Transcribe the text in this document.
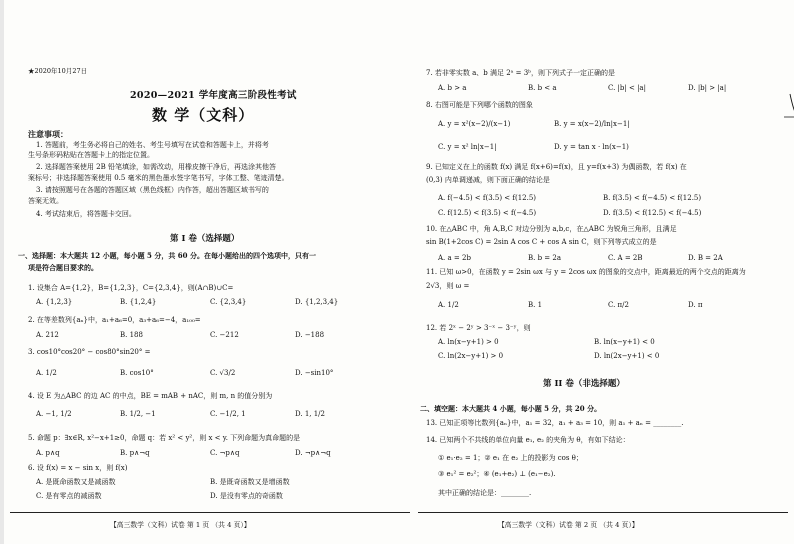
★2020年10月27日
2020—2021 学年度高三阶段性考试
数 学（文科）
注意事项：
1. 答题前，考生务必将自己的姓名、考生号填写在试卷和答题卡上，并将考
生号条形码粘贴在答题卡上的指定位置。
2. 选择题答案使用 2B 铅笔填涂，如需改动，用橡皮擦干净后，再选涂其他答
案标号；非选择题答案使用 0.5 毫米的黑色墨水签字笔书写，字体工整、笔迹清楚。
3. 请按照题号在各题的答题区域（黑色线框）内作答，超出答题区域书写的
答案无效。
4. 考试结束后，将答题卡交回。
第 I 卷（选择题）
一、选择题：本大题共 12 小题，每小题 5 分，共 60 分。在每小题给出的四个选项中，只有一
项是符合题目要求的。
1. 设集合 A={1,2}，B={1,2,3}，C={2,3,4}，则(A∩B)∪C=
A. {1,2,3}	B. {1,2,4}	C. {2,3,4}	D. {1,2,3,4}
2. 在等差数列{aₙ}中，a₁+a₆=0，a₃+a₆=−4，a₁₀₀=
A. 212	B. 188	C. −212	D. −188
3. cos10°cos20° − cos80°sin20° =
A. 1/2	B. cos10°	C. √3/2	D. −sin10°
4. 设 E 为△ABC 的边 AC 的中点，BE = mAB + nAC，则 m, n 的值分别为
A. −1, 1/2	B. 1/2, −1	C. −1/2, 1	D. 1, 1/2
5. 命题 p：∃x∈R, x²−x+1≥0，命题 q：若 x² < y²，则 x < y. 下列命题为真命题的是
A. p∧q	B. p∧¬q	C. ¬p∧q	D. ¬p∧¬q
6. 设 f(x) = x − sin x，则 f(x)
A. 是既命函数又是减函数	B. 是既奇函数又是增函数
C. 是有零点的减函数	D. 是没有零点的奇函数
【高三数学（文科）试卷 第 1 页 （共 4 页）】
7. 若非零实数 a、b 满足 2ᵃ = 3ᵇ，则下列式子一定正确的是
A. b > a	B. b < a	C. |b| < |a|	D. |b| > |a|
8. 右图可能是下列哪个函数的图象
A. y = x²(x−2)/(x−1)	B. y = x(x−2)/ln|x−1|
C. y = x² ln|x−1|	D. y = tan x · ln(x−1)
9. 已知定义在上的函数 f(x) 满足 f(x+6)=f(x)，且 y=f(x+3) 为偶函数，若 f(x) 在
(0,3) 内单调递减，则下面正确的结论是
A. f(−4.5) < f(3.5) < f(12.5)	B. f(3.5) < f(−4.5) < f(12.5)
C. f(12.5) < f(3.5) < f(−4.5)	D. f(3.5) < f(12.5) < f(−4.5)
10. 在△ABC 中，角 A,B,C 对边分别为 a,b,c，在△ABC 为锐角三角形，且满足
sin B(1+2cos C) = 2sin A cos C + cos A sin C，则下列等式成立的是
A. a = 2b	B. b = 2a	C. A = 2B	D. B = 2A
11. 已知 ω>0，在函数 y = 2sin ωx 与 y = 2cos ωx 的图象的交点中，距离最近的两个交点的距离为
2√3，则 ω =
A. 1/2	B. 1	C. π/2	D. π
12. 若 2ˣ − 2ʸ > 3⁻ˣ − 3⁻ʸ，则
A. ln(x−y+1) > 0	B. ln(x−y+1) < 0
C. ln(2x−y+1) > 0	D. ln(2x−y+1) < 0
第 II 卷（非选择题）
二、填空题：本大题共 4 小题，每小题 5 分，共 20 分。
13. 已知正项等比数列{aₙ}中，a₁ = 32，a₁ + a₃ = 10，则 a₁ + aₙ = ________.
14. 已知两个不共线的单位向量 e₁, e₂ 的夹角为 θ，有如下结论：
① e₁·e₂ = 1；② e₁ 在 e₂ 上的投影为 cos θ；
③ e₁² = e₂²；④ (e₁+e₂) ⊥ (e₁−e₂).
其中正确的结论是：________.
【高三数学（文科）试卷 第 2 页 （共 4 页）】
